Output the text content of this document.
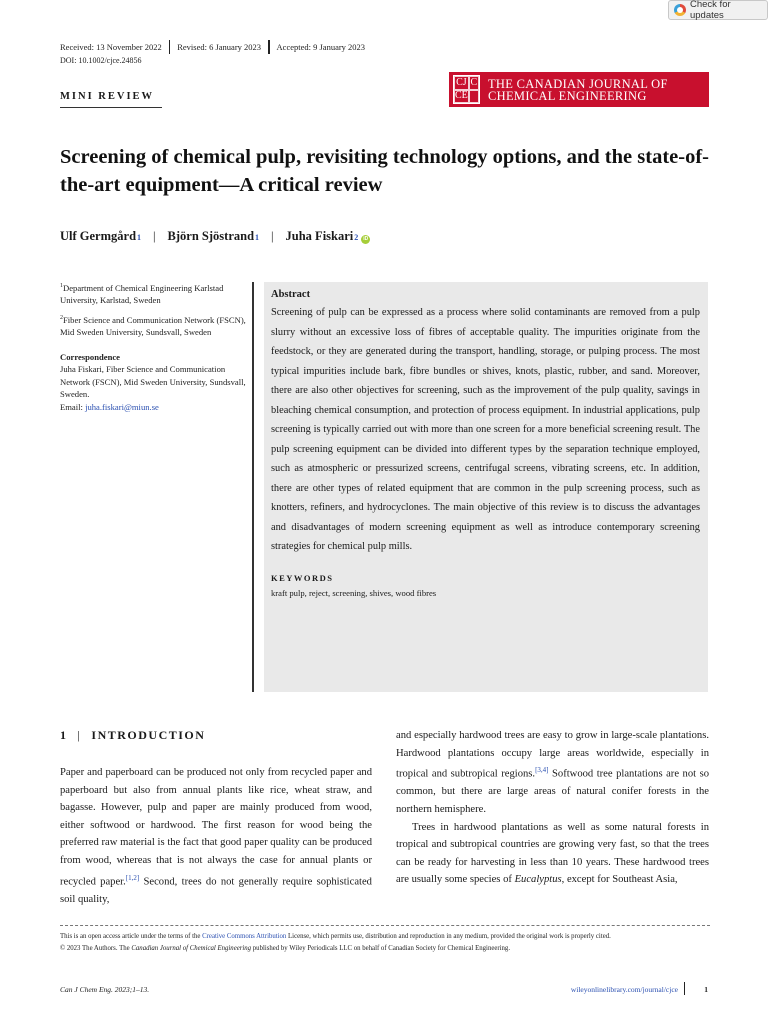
Check for updates
Received: 13 November 2022 Revised: 6 January 2023 Accepted: 9 January 2023
DOI: 10.1002/cjce.24856
CJ C
CE
THE CANADIAN JOURNAL OF
CHEMICAL ENGINEERING
MINI REVIEW
Screening of chemical pulp, revisiting technology options, and the state-of-the-art equipment—A critical review
Ulf Germgård 1 | Björn Sjöstrand 1 | Juha Fiskari 2	iD

$^1$Department of Chemical Engineering Karlstad University, Karlstad, Sweden

$^2$Fiber Science and Communication Network (FSCN), Mid Sweden University, Sundsvall, Sweden

Correspondence

Juha Fiskari, Fiber Science and Communication Network (FSCN), Mid Sweden University, Sundsvall, Sweden.
Email: juha.fiskari@miun.se

Abstract
Screening of pulp can be expressed as a process where solid contaminants are removed from a pulp slurry without an excessive loss of fibres of acceptable quality. The impurities originate from the feedstock, or they are generated during the transport, handling, storage, or pulping process. The most typical impurities include bark, fibre bundles or shives, knots, plastic, rubber, and sand. Moreover, there are also other objectives for screening, such as the improvement of the pulp quality, savings in bleaching chemical consumption, and protection of process equipment. In industrial applications, pulp screening is typically carried out with more than one screen for a more beneficial screening result. The pulp screening equipment can be divided into different types by the separation technique employed, such as atmospheric or pressurized screens, centrifugal screens, vibrating screens, etc. In addition, there are other types of related equipment that are common in the pulp screening process, such as knotters, refiners, and hydrocyclones. The main objective of this review is to discuss the advantages and disadvantages of modern screening equipment as well as introduce contemporary screening strategies for chemical pulp mills.
KEYWORDS
kraft pulp, reject, screening, shives, wood fibres
1 | INTRODUCTION

Paper and paperboard can be produced not only from recycled paper and paperboard but also from annual plants like rice, wheat straw, and bagasse. However, pulp and paper are mainly produced from wood, either softwood or hardwood. The first reason for wood being the preferred raw material is the fact that good paper quality can be produced from wood, whereas that is not always the case for annual plants or recycled paper.[1,2] Second, trees do not generally require sophisticated soil quality,

and especially hardwood trees are easy to grow in large-scale plantations. Hardwood plantations occupy large areas worldwide, especially in tropical and subtropical regions.[3,4] Softwood tree plantations are not so common, but there are large areas of natural conifer forests in the northern hemisphere.

Trees in hardwood plantations as well as some natural forests in tropical and subtropical countries are growing very fast, so that the trees can be ready for harvesting in less than 10 years. These hardwood trees are usually some species of Eucalyptus, except for Southeast Asia,

This is an open access article under the terms of the Creative Commons Attribution License, which permits use, distribution and reproduction in any medium, provided the original work is properly cited.
© 2023 The Authors. The Canadian Journal of Chemical Engineering published by Wiley Periodicals LLC on behalf of Canadian Society for Chemical Engineering.
Can J Chem Eng. 2023;1–13.	wileyonlinelibrary.com/journal/cjce	1
